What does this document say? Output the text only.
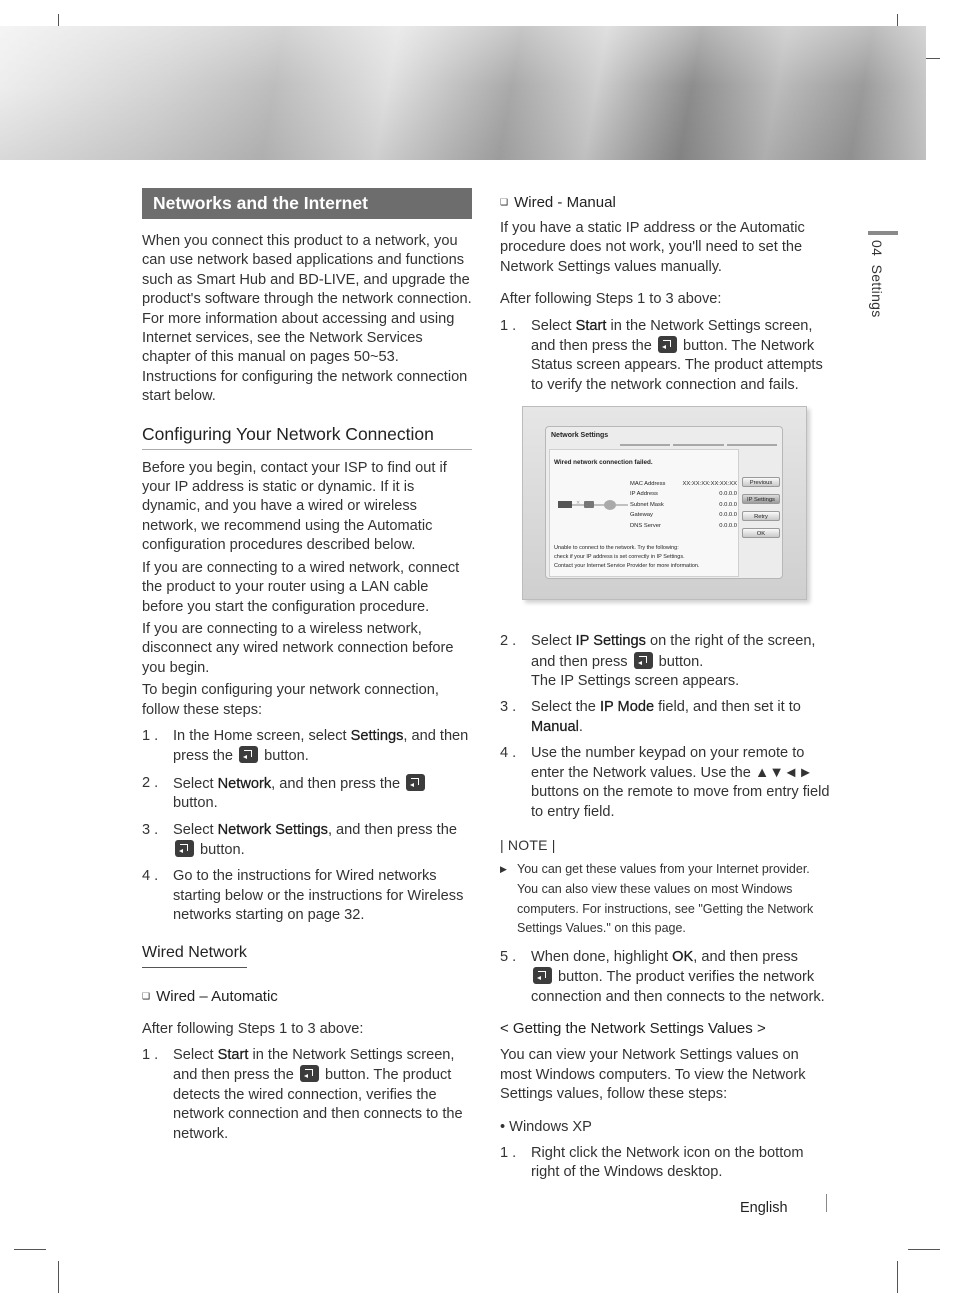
04  Settings
Networks and the Internet

When you connect this product to a network, you can use network based applications and functions such as Smart Hub and BD-LIVE, and upgrade the product's software through the network connection. For more information about accessing and using Internet services, see the Network Services chapter of this manual on pages 50~53. Instructions for configuring the network connection start below.

Configuring Your Network Connection

Before you begin, contact your ISP to find out if your IP address is static or dynamic. If it is dynamic, and you have a wired or wireless network, we recommend using the Automatic configuration procedures described below.

If you are connecting to a wired network, connect the product to your router using a LAN cable before you start the configuration procedure.

If you are connecting to a wireless network, disconnect any wired network connection before you begin.

To begin configuring your network connection, follow these steps:

1 .	In the Home screen, select Settings, and then press the  button.
2 .	Select Network, and then press the  button.
3 .	Select Network Settings, and then press the  button.
4 .	Go to the instructions for Wired networks starting below or the instructions for Wireless networks starting on page 32.
Wired Network
❑ Wired – Automatic

After following Steps 1 to 3 above:

1 .	Select Start in the Network Settings screen, and then press the  button. The product detects the wired connection, verifies the network connection and then connects to the network.
❑ Wired - Manual

If you have a static IP address or the Automatic procedure does not work, you'll need to set the Network Settings values manually.

After following Steps 1 to 3 above:

1 .	Select Start in the Network Settings screen, and then press the  button. The Network Status screen appears. The product attempts to verify the network connection and fails.
2 .	Select IP Settings on the right of the screen, and then press  button.
The IP Settings screen appears.
3 .	Select the IP Mode field, and then set it to Manual.
4 .	Use the number keypad on your remote to enter the Network values. Use the ▲▼◄► buttons on the remote to move from entry field to entry field.
| NOTE |
▶ You can get these values from your Internet provider. You can also view these values on most Windows computers. For instructions, see "Getting the Network Settings Values." on this page.
5 .	When done, highlight OK, and then press
button. The product verifies the network connection and then connects to the network.
< Getting the Network Settings Values >

You can view your Network Settings values on most Windows computers. To view the Network Settings values, follow these steps:

• Windows XP

1 .	Right click the Network icon on the bottom right of the Windows desktop.
Network Settings
Wired network connection failed.
×
MAC Address	XX:XX:XX:XX:XX:XX
IP Address	0.0.0.0
Subnet Mask	0.0.0.0
Gateway	0.0.0.0
DNS Server	0.0.0.0
Unable to connect to the network. Try the following:
check if your IP address is set correctly in IP Settings.
Contact your Internet Service Provider for more information.
Previous
IP Settings
Retry
OK
English
